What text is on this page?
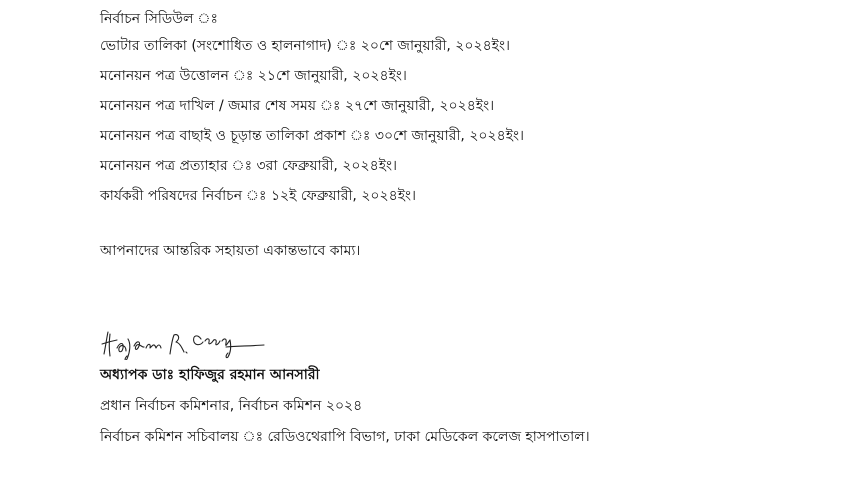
নির্বাচন সিডিউল ঃ
ভোটার তালিকা (সংশোধিত ও হালনাগাদ) ঃ ২০শে জানুয়ারী, ২০২৪ইং।
মনোনয়ন পত্র উত্তোলন ঃ ২১শে জানুয়ারী, ২০২৪ইং।
মনোনয়ন পত্র দাখিল / জমার শেষ সময় ঃ ২৭শে জানুয়ারী, ২০২৪ইং।
মনোনয়ন পত্র বাছাই ও চূড়ান্ত তালিকা প্রকাশ ঃ ৩০শে জানুয়ারী, ২০২৪ইং।
মনোনয়ন পত্র প্রত্যাহার ঃ ৩রা ফেব্রুয়ারী, ২০২৪ইং।
কার্যকরী পরিষদের নির্বাচন ঃ ১২ই ফেব্রুয়ারী, ২০২৪ইং।
আপনাদের আন্তরিক সহায়তা একান্তভাবে কাম্য।
অধ্যাপক ডাঃ হাফিজুর রহমান আনসারী
প্রধান নির্বাচন কমিশনার, নির্বাচন কমিশন ২০২৪
নির্বাচন কমিশন সচিবালয় ঃ রেডিওথেরাপি বিভাগ, ঢাকা মেডিকেল কলেজ হাসপাতাল।
